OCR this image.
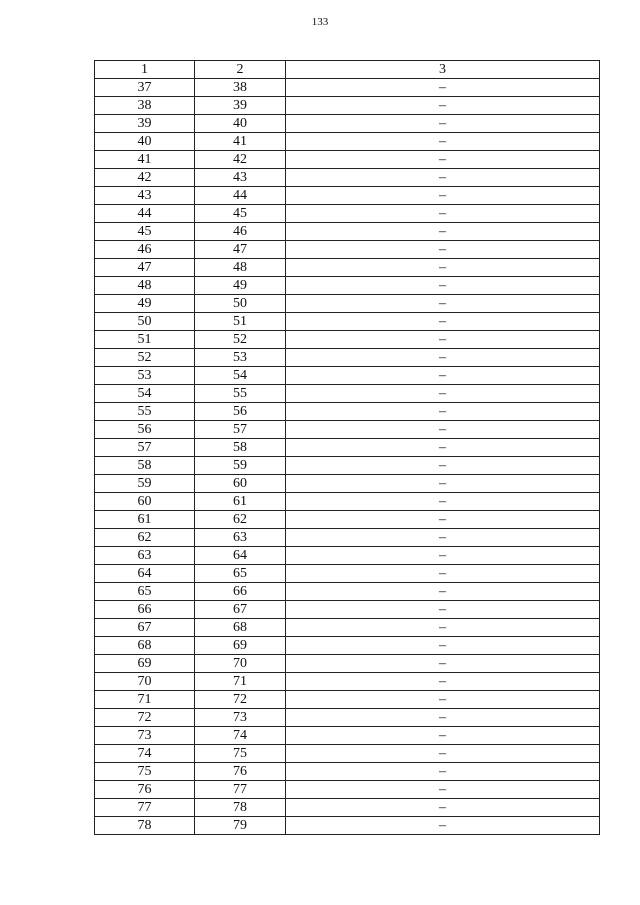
133
1	2	3
37	38	–
38	39	–
39	40	–
40	41	–
41	42	–
42	43	–
43	44	–
44	45	–
45	46	–
46	47	–
47	48	–
48	49	–
49	50	–
50	51	–
51	52	–
52	53	–
53	54	–
54	55	–
55	56	–
56	57	–
57	58	–
58	59	–
59	60	–
60	61	–
61	62	–
62	63	–
63	64	–
64	65	–
65	66	–
66	67	–
67	68	–
68	69	–
69	70	–
70	71	–
71	72	–
72	73	–
73	74	–
74	75	–
75	76	–
76	77	–
77	78	–
78	79	–
